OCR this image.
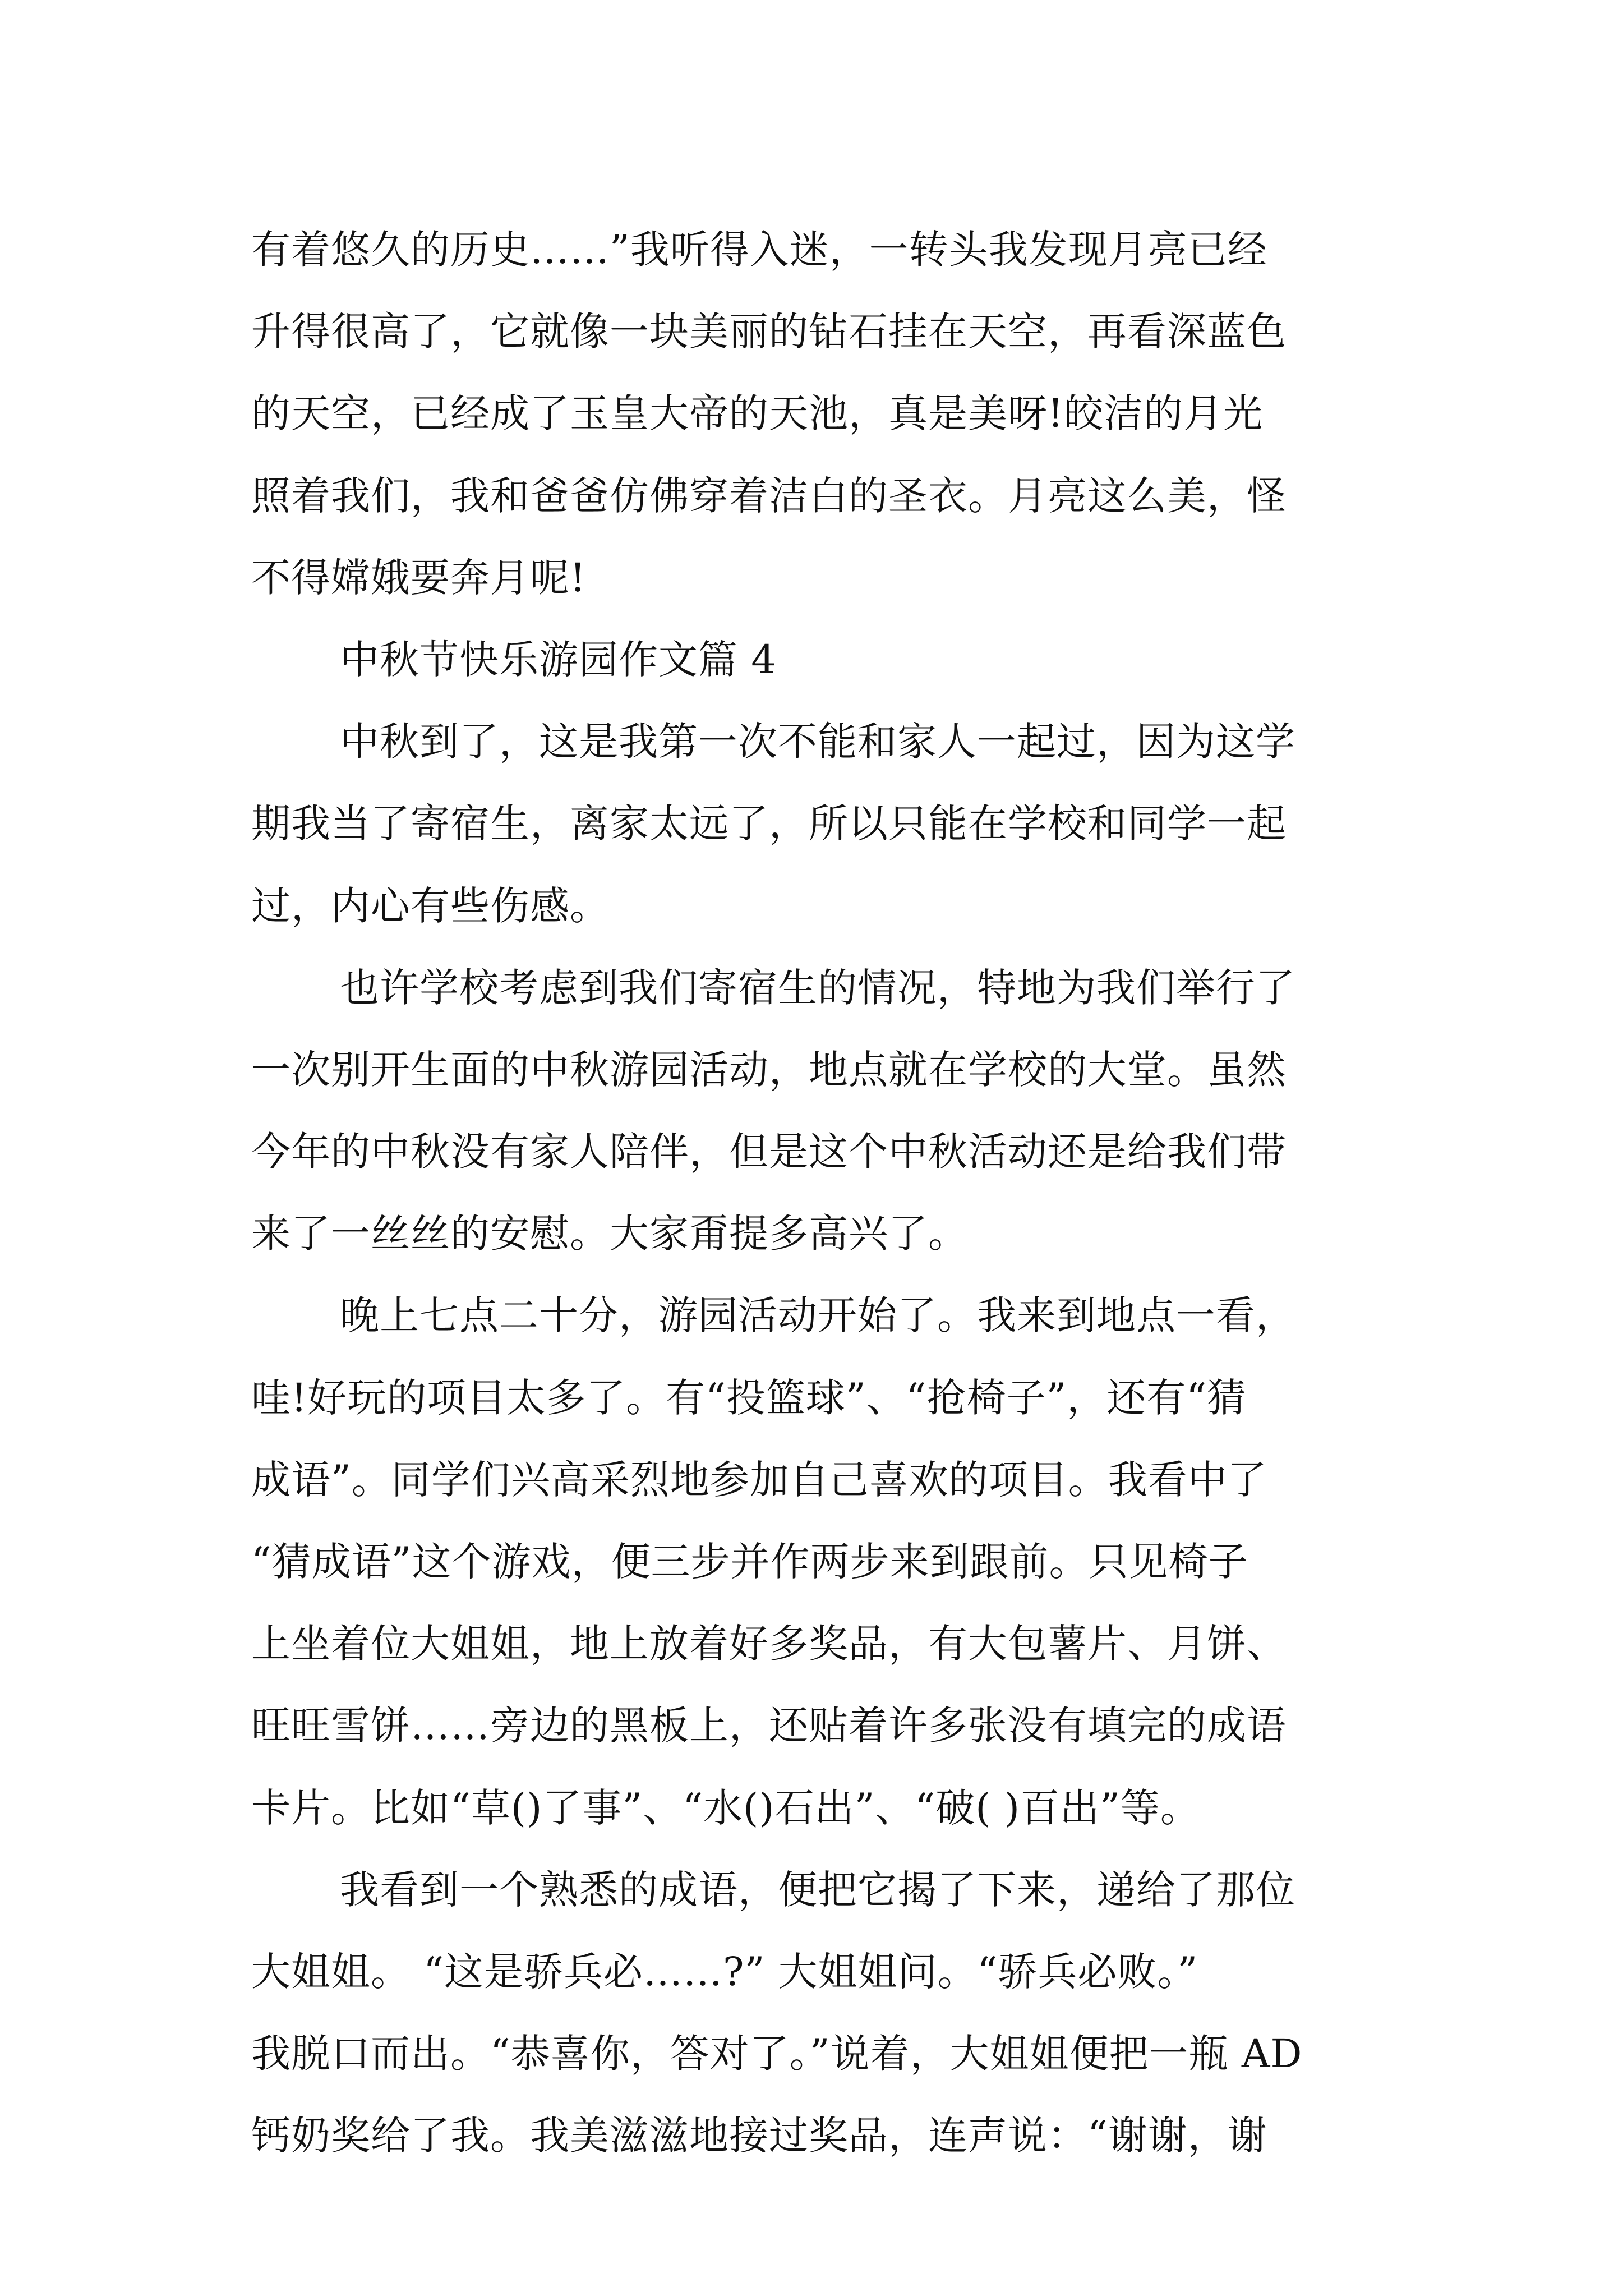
有着悠久的历史……”我听得入迷，一转头我发现月亮已经
升得很高了，它就像一块美丽的钻石挂在天空，再看深蓝色
的天空，已经成了玉皇大帝的天池，真是美呀!皎洁的月光
照着我们，我和爸爸仿佛穿着洁白的圣衣。月亮这么美，怪
不得嫦娥要奔月呢!
中秋节快乐游园作文篇 4
中秋到了，这是我第一次不能和家人一起过，因为这学
期我当了寄宿生，离家太远了，所以只能在学校和同学一起
过，内心有些伤感。
也许学校考虑到我们寄宿生的情况，特地为我们举行了
一次别开生面的中秋游园活动，地点就在学校的大堂。虽然
今年的中秋没有家人陪伴，但是这个中秋活动还是给我们带
来了一丝丝的安慰。大家甭提多高兴了。
晚上七点二十分，游园活动开始了。我来到地点一看，
哇!好玩的项目太多了。有“投篮球”、“抢椅子”，还有“猜
成语”。同学们兴高采烈地参加自己喜欢的项目。我看中了
“猜成语”这个游戏，便三步并作两步来到跟前。只见椅子
上坐着位大姐姐，地上放着好多奖品，有大包薯片、月饼、
旺旺雪饼……旁边的黑板上，还贴着许多张没有填完的成语
卡片。比如“草()了事”、“水()石出”、“破( )百出”等。
我看到一个熟悉的成语，便把它揭了下来，递给了那位
大姐姐。 “这是骄兵必……?” 大姐姐问。“骄兵必败。”
我脱口而出。“恭喜你，答对了。”说着，大姐姐便把一瓶 AD
钙奶奖给了我。我美滋滋地接过奖品，连声说：“谢谢，谢
